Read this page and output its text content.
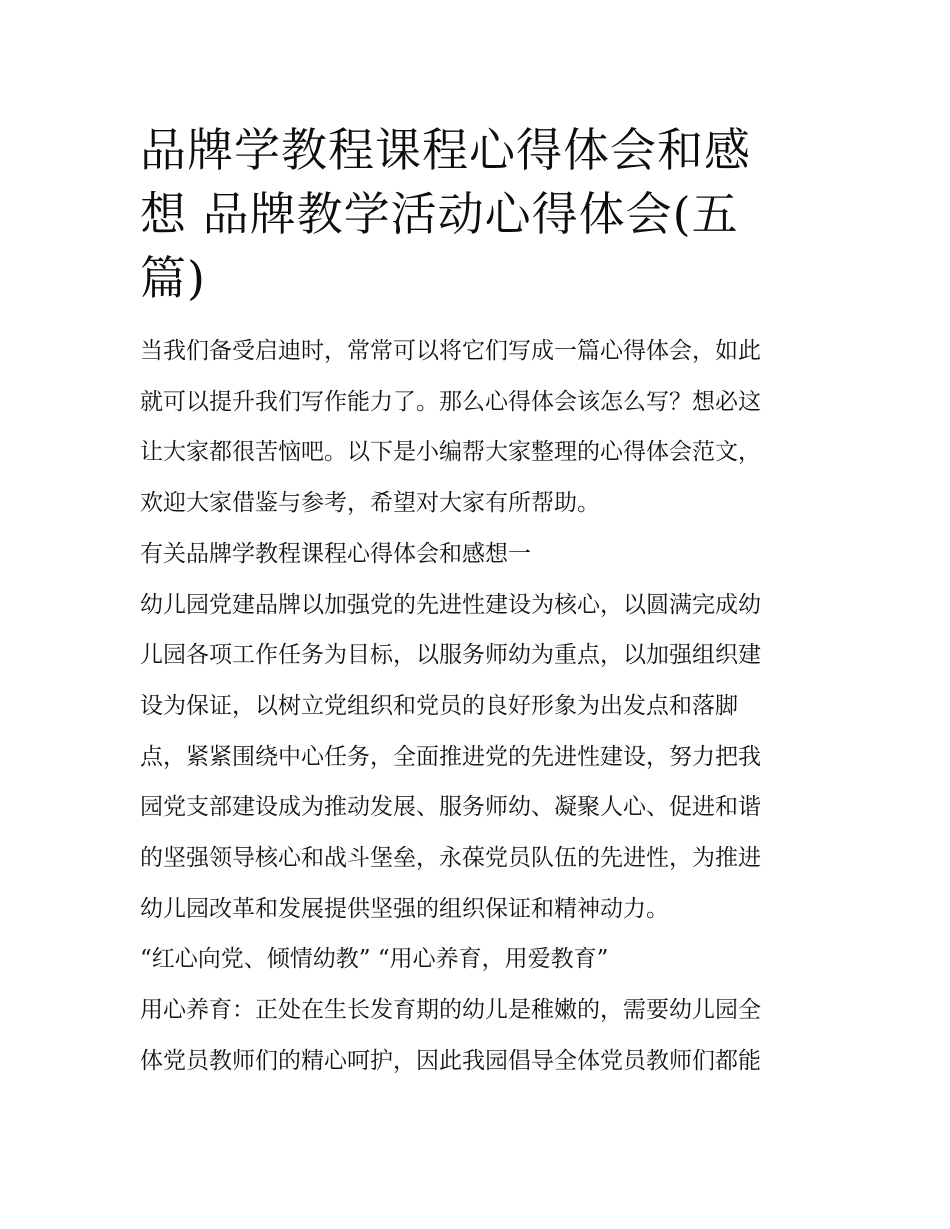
品牌学教程课程心得体会和感
想 品牌教学活动心得体会(五
篇)

当我们备受启迪时，常常可以将它们写成一篇心得体会，如此
就可以提升我们写作能力了。那么心得体会该怎么写？想必这
让大家都很苦恼吧。以下是小编帮大家整理的心得体会范文，
欢迎大家借鉴与参考，希望对大家有所帮助。

有关品牌学教程课程心得体会和感想一

幼儿园党建品牌以加强党的先进性建设为核心，以圆满完成幼
儿园各项工作任务为目标，以服务师幼为重点，以加强组织建
设为保证，以树立党组织和党员的良好形象为出发点和落脚
点，紧紧围绕中心任务，全面推进党的先进性建设，努力把我
园党支部建设成为推动发展、服务师幼、凝聚人心、促进和谐
的坚强领导核心和战斗堡垒，永葆党员队伍的先进性，为推进
幼儿园改革和发展提供坚强的组织保证和精神动力。

“红心向党、倾情幼教” “用心养育，用爱教育”

用心养育：正处在生长发育期的幼儿是稚嫩的，需要幼儿园全
体党员教师们的精心呵护，因此我园倡导全体党员教师们都能
